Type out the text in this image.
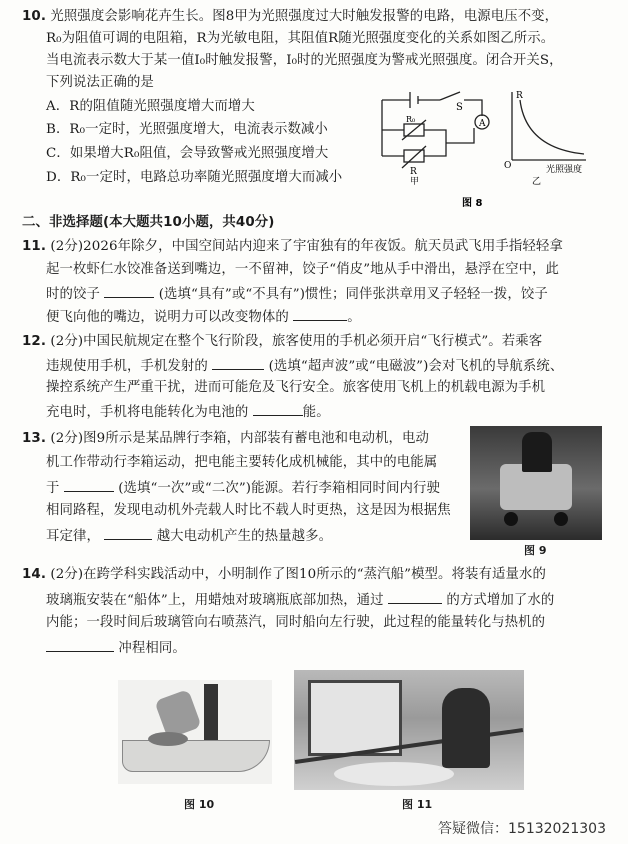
10. 光照强度会影响花卉生长。图8甲为光照强度过大时触发报警的电路，电源电压不变，
R₀为阻值可调的电阻箱，R为光敏电阻，其阻值R随光照强度变化的关系如图乙所示。
当电流表示数大于某一值I₀时触发报警，I₀时的光照强度为警戒光照强度。闭合开关S，
下列说法正确的是　　　　
A．R的阻值随光照强度增大而增大
B．R₀一定时，光照强度增大，电流表示数减小
C．如果增大R₀阻值，会导致警戒光照强度增大
D．R₀一定时，电路总功率随光照强度增大而减小
S
R₀
R
甲
A
R
O	光照强度
乙
图 8
二、非选择题(本大题共10小题，共40分)
11. (2分)2026年除夕，中国空间站内迎来了宇宙独有的年夜饭。航天员武飞用手指轻轻拿
起一枚虾仁水饺准备送到嘴边，一不留神，饺子“俏皮”地从手中滑出，悬浮在空中，此
时的饺子	(选填“具有”或“不具有”)惯性；同伴张洪章用叉子轻轻一拨，饺子
便飞向他的嘴边，说明力可以改变物体的	。
12. (2分)中国民航规定在整个飞行阶段，旅客使用的手机必须开启“飞行模式”。若乘客
违规使用手机，手机发射的	(选填“超声波”或“电磁波”)会对飞机的导航系统、
操控系统产生严重干扰，进而可能危及飞行安全。旅客使用飞机上的机载电源为手机
充电时，手机将电能转化为电池的	能。
13. (2分)图9所示是某品牌行李箱，内部装有蓄电池和电动机，电动
机工作带动行李箱运动，把电能主要转化成机械能，其中的电能属
于	(选填“一次”或“二次”)能源。若行李箱相同时间内行驶
相同路程，发现电动机外壳载人时比不载人时更热，这是因为根据焦
耳定律，	越大电动机产生的热量越多。
图 9
14. (2分)在跨学科实践活动中，小明制作了图10所示的“蒸汽船”模型。将装有适量水的
玻璃瓶安装在“船体”上，用蜡烛对玻璃瓶底部加热，通过	的方式增加了水的
内能；一段时间后玻璃管向右喷蒸汽，同时船向左行驶，此过程的能量转化与热机的
冲程相同。
图 10	图 11
答疑微信：15132021303
